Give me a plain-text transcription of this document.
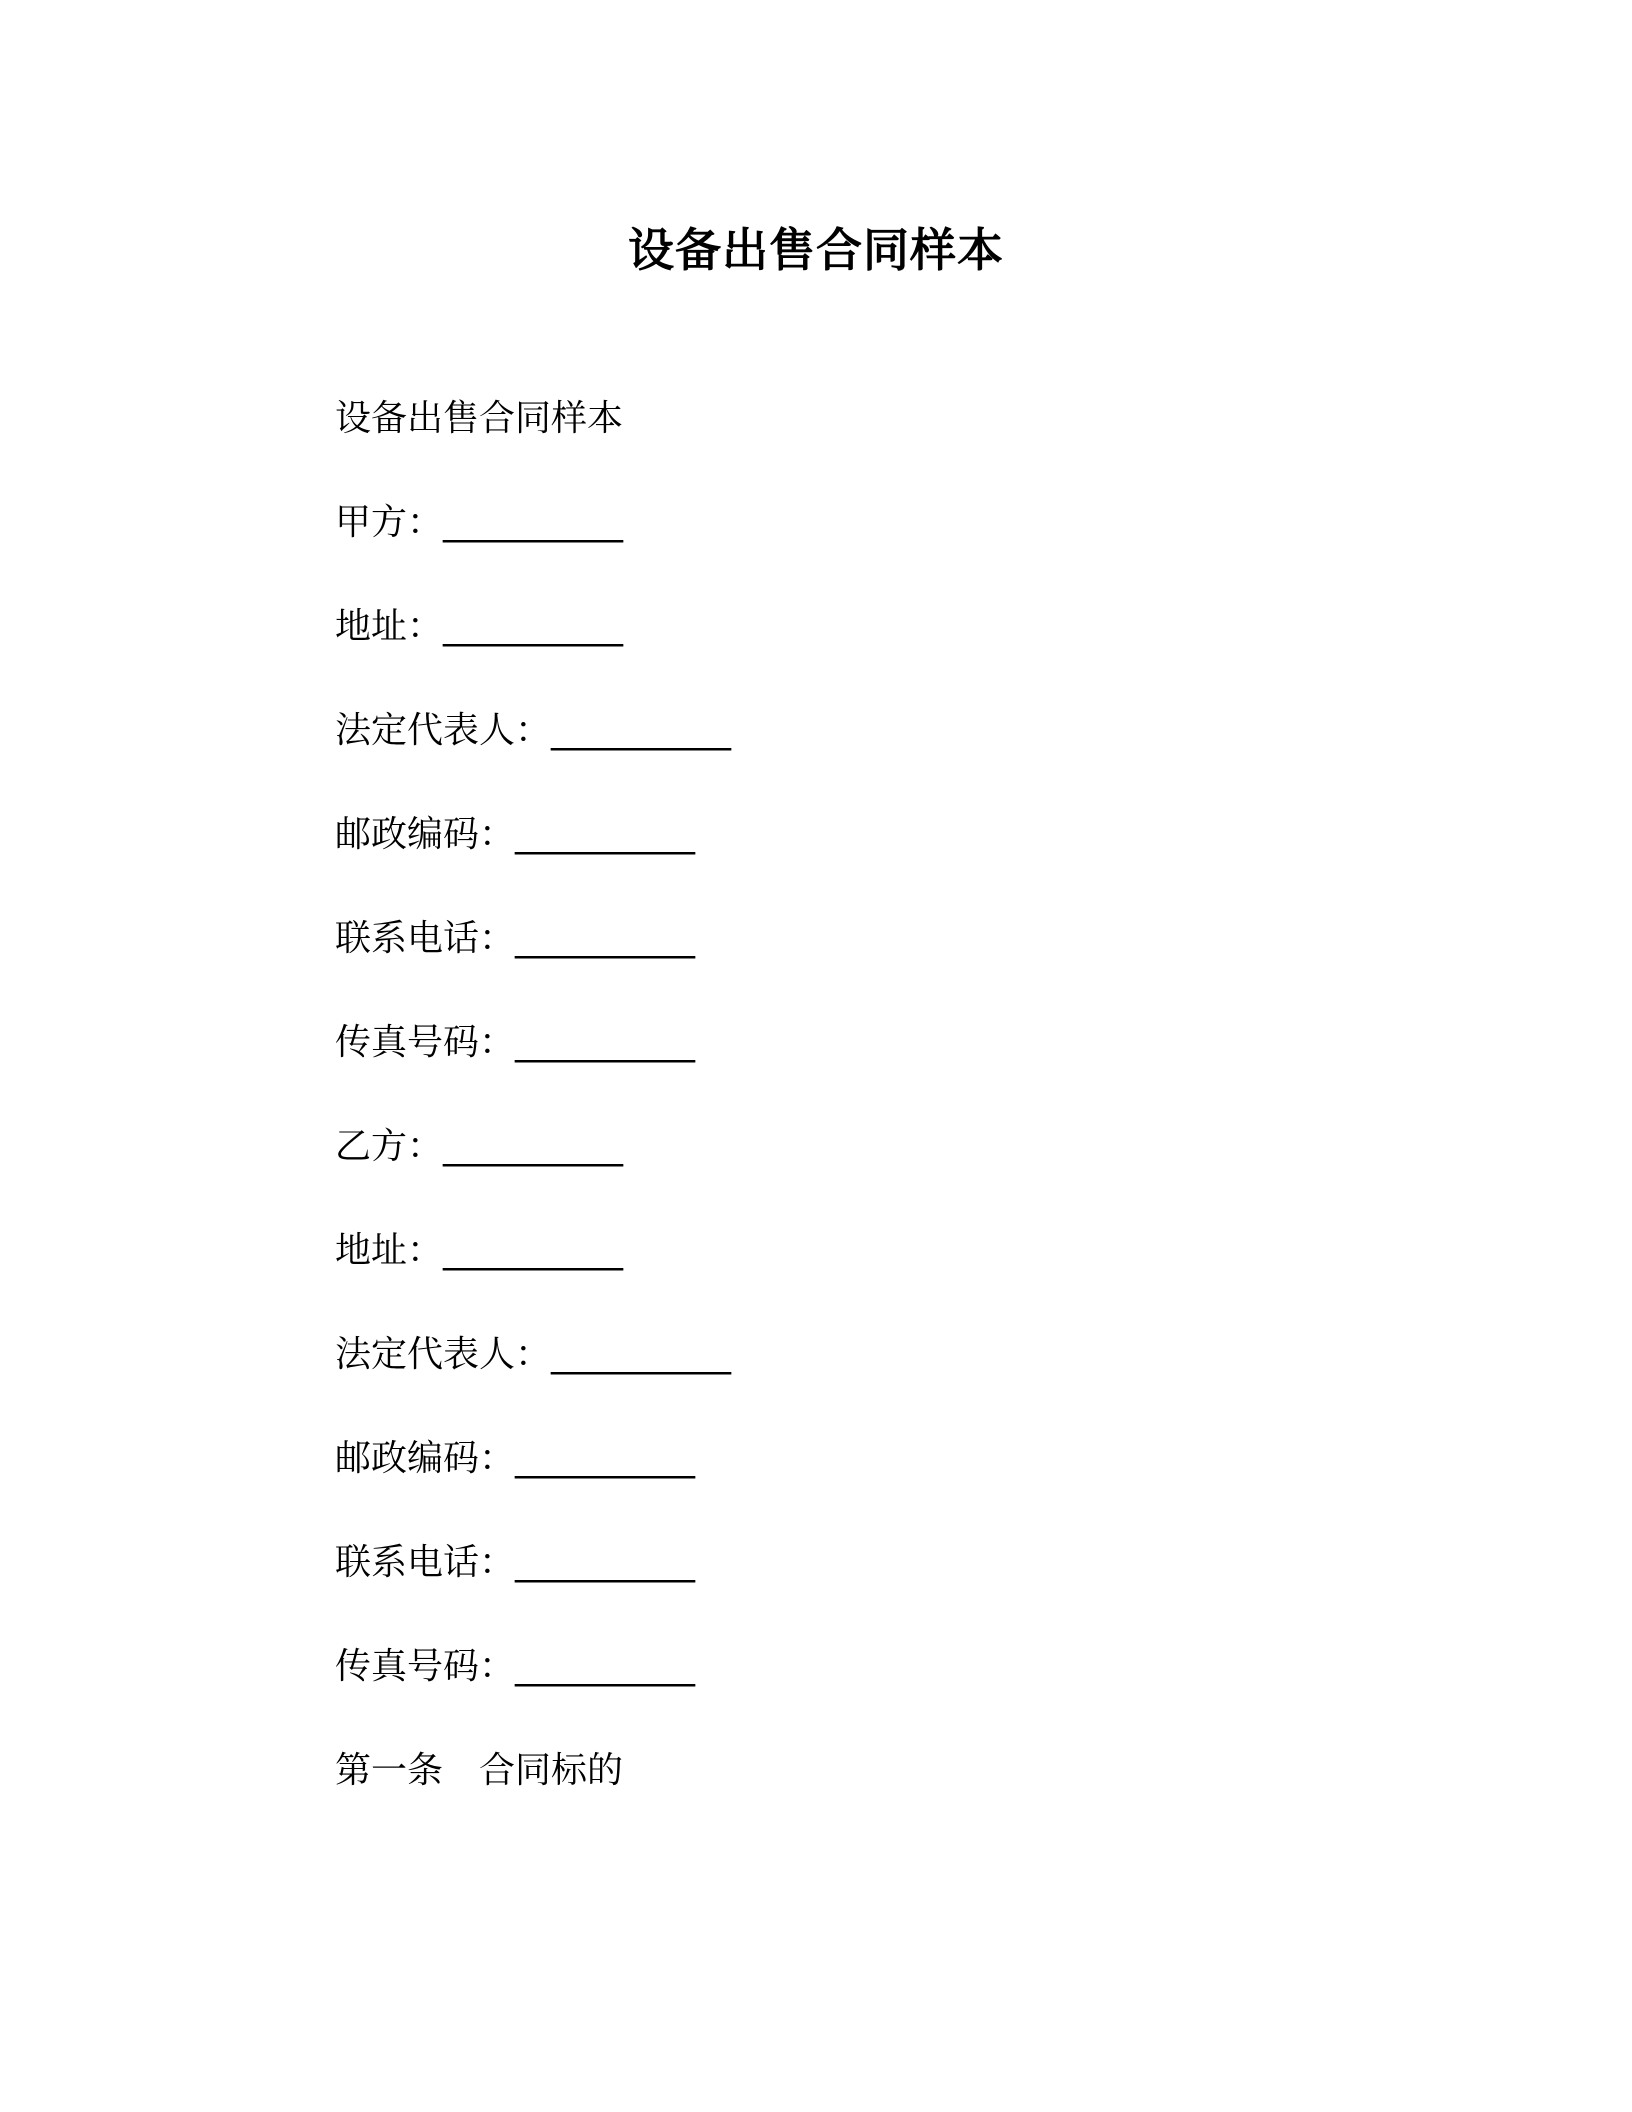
设备出售合同样本
设备出售合同样本
甲方：__________
地址：__________
法定代表人：__________
邮政编码：__________
联系电话：__________
传真号码：__________
乙方：__________
地址：__________
法定代表人：__________
邮政编码：__________
联系电话：__________
传真号码：__________
第一条　合同标的
